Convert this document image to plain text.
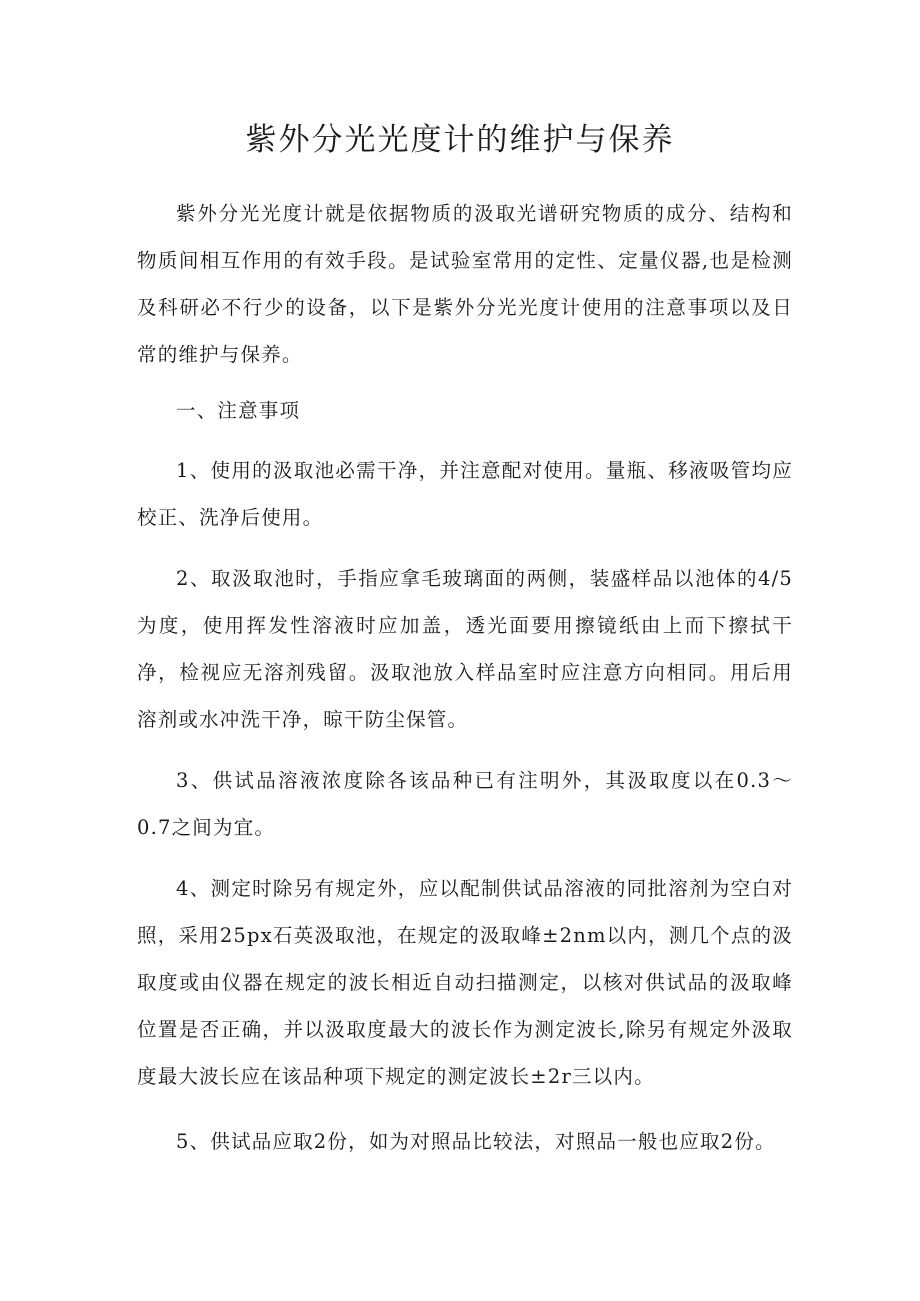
紫外分光光度计的维护与保养

紫外分光光度计就是依据物质的汲取光谱研究物质的成分、结构和物质间相互作用的有效手段。是试验室常用的定性、定量仪器,也是检测及科研必不行少的设备，以下是紫外分光光度计使用的注意事项以及日常的维护与保养。

一、注意事项

1、使用的汲取池必需干净，并注意配对使用。量瓶、移液吸管均应校正、洗净后使用。

2、取汲取池时，手指应拿毛玻璃面的两侧，装盛样品以池体的4/5为度，使用挥发性溶液时应加盖，透光面要用擦镜纸由上而下擦拭干净，检视应无溶剂残留。汲取池放入样品室时应注意方向相同。用后用溶剂或水冲洗干净，晾干防尘保管。

3、供试品溶液浓度除各该品种已有注明外，其汲取度以在0.3～0.7之间为宜。

4、测定时除另有规定外，应以配制供试品溶液的同批溶剂为空白对照，采用25px石英汲取池，在规定的汲取峰±2nm以内，测几个点的汲取度或由仪器在规定的波长相近自动扫描测定，以核对供试品的汲取峰位置是否正确，并以汲取度最大的波长作为测定波长,除另有规定外汲取度最大波长应在该品种项下规定的测定波长±2r三以内。

5、供试品应取2份，如为对照品比较法，对照品一般也应取2份。
